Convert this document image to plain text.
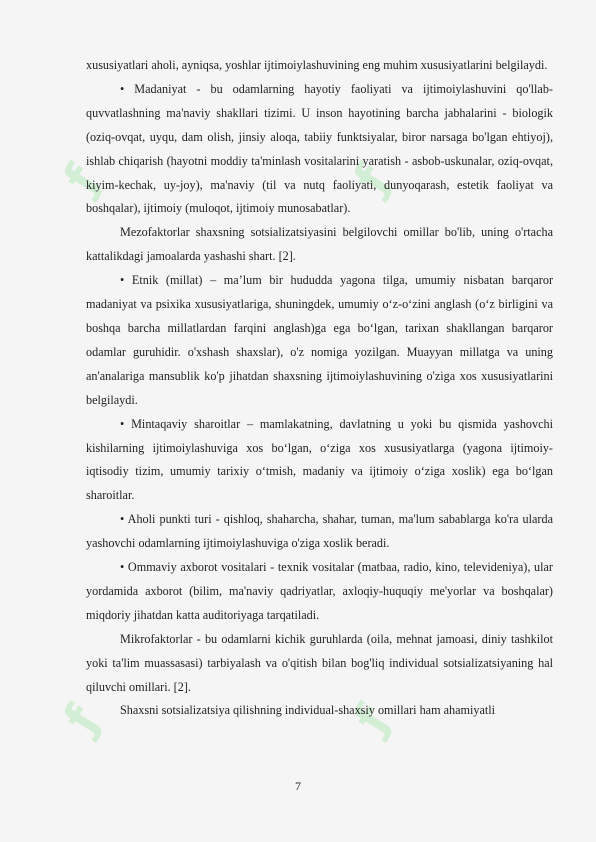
ƒ	ƒ
ƒ	ƒ

xususiyatlari aholi, ayniqsa, yoshlar ijtimoiylashuvining eng muhim xususiyatlarini belgilaydi.

• Madaniyat - bu odamlarning hayotiy faoliyati va ijtimoiylashuvini qo'llab-quvvatlashning ma'naviy shakllari tizimi. U inson hayotining barcha jabhalarini - biologik (oziq-ovqat, uyqu, dam olish, jinsiy aloqa, tabiiy funktsiyalar, biror narsaga bo'lgan ehtiyoj), ishlab chiqarish (hayotni moddiy ta'minlash vositalarini yaratish - asbob-uskunalar, oziq-ovqat, kiyim-kechak, uy-joy), ma'naviy (til va nutq faoliyati, dunyoqarash, estetik faoliyat va boshqalar), ijtimoiy (muloqot, ijtimoiy munosabatlar).

Mezofaktorlar shaxsning sotsializatsiyasini belgilovchi omillar bo'lib, uning o'rtacha kattalikdagi jamoalarda yashashi shart. [2].

• Etnik (millat) – ma’lum bir hududda yagona tilga, umumiy nisbatan barqaror madaniyat va psixika xususiyatlariga, shuningdek, umumiy o‘z-o‘zini anglash (o‘z birligini va boshqa barcha millatlardan farqini anglash)ga ega bo‘lgan, tarixan shakllangan barqaror odamlar guruhidir. o'xshash shaxslar), o'z nomiga yozilgan. Muayyan millatga va uning an'analariga mansublik ko'p jihatdan shaxsning ijtimoiylashuvining o'ziga xos xususiyatlarini belgilaydi.

• Mintaqaviy sharoitlar – mamlakatning, davlatning u yoki bu qismida yashovchi kishilarning ijtimoiylashuviga xos bo‘lgan, o‘ziga xos xususiyatlarga (yagona ijtimoiy-iqtisodiy tizim, umumiy tarixiy o‘tmish, madaniy va ijtimoiy o‘ziga xoslik) ega bo‘lgan sharoitlar.

• Aholi punkti turi - qishloq, shaharcha, shahar, tuman, ma'lum sabablarga ko'ra ularda yashovchi odamlarning ijtimoiylashuviga o'ziga xoslik beradi.

• Ommaviy axborot vositalari - texnik vositalar (matbaa, radio, kino, televideniya), ular yordamida axborot (bilim, ma'naviy qadriyatlar, axloqiy-huquqiy me'yorlar va boshqalar) miqdoriy jihatdan katta auditoriyaga tarqatiladi.

Mikrofaktorlar - bu odamlarni kichik guruhlarda (oila, mehnat jamoasi, diniy tashkilot yoki ta'lim muassasasi) tarbiyalash va o'qitish bilan bog'liq individual sotsializatsiyaning hal qiluvchi omillari. [2].

Shaxsni sotsializatsiya qilishning individual-shaxsiy omillari ham ahamiyatli

7
